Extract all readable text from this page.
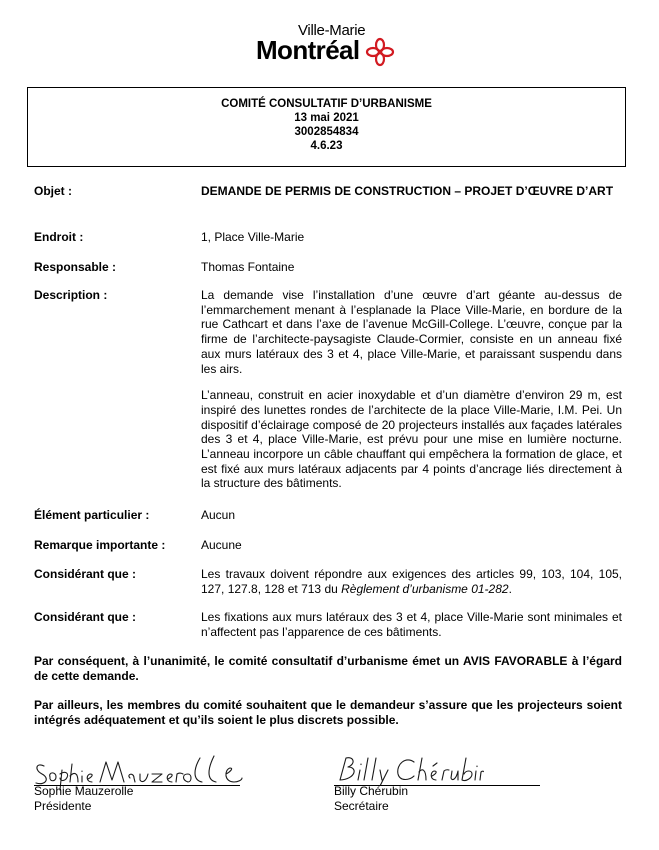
Ville-Marie
Montréal
COMITÉ CONSULTATIF D’URBANISME
13 mai 2021
3002854834
4.6.23
Objet :	DEMANDE DE PERMIS DE CONSTRUCTION – PROJET D’ŒUVRE D’ART
Endroit :	1, Place Ville-Marie
Responsable :	Thomas Fontaine
Description :	La demande vise l’installation d’une œuvre d’art géante au-dessus de l’emmarchement menant à l’esplanade la Place Ville-Marie, en bordure de la rue Cathcart et dans l’axe de l’avenue McGill-College. L’œuvre, conçue par la firme de l’architecte-paysagiste Claude-Cormier, consiste en un anneau fixé aux murs latéraux des 3 et 4, place Ville-Marie, et paraissant suspendu dans les airs.

L’anneau, construit en acier inoxydable et d’un diamètre d’environ 29 m, est inspiré des lunettes rondes de l’architecte de la place Ville-Marie, I.M. Pei. Un dispositif d’éclairage composé de 20 projecteurs installés aux façades latérales des 3 et 4, place Ville-Marie, est prévu pour une mise en lumière nocturne. L’anneau incorpore un câble chauffant qui empêchera la formation de glace, et est fixé aux murs latéraux adjacents par 4 points d’ancrage liés directement à la structure des bâtiments.

Élément particulier :	Aucun
Remarque importante :	Aucune
Considérant que :	Les travaux doivent répondre aux exigences des articles 99, 103, 104, 105, 127, 127.8, 128 et 713 du Règlement d’urbanisme 01-282.
Considérant que :	Les fixations aux murs latéraux des 3 et 4, place Ville-Marie sont minimales et n’affectent pas l’apparence de ces bâtiments.
Par conséquent, à l’unanimité, le comité consultatif d’urbanisme émet un AVIS FAVORABLE à l’égard de cette demande.
Par ailleurs, les membres du comité souhaitent que le demandeur s’assure que les projecteurs soient intégrés adéquatement et qu’ils soient le plus discrets possible.
Sophie Mauzerolle
Présidente
Billy Chérubin
Secrétaire
